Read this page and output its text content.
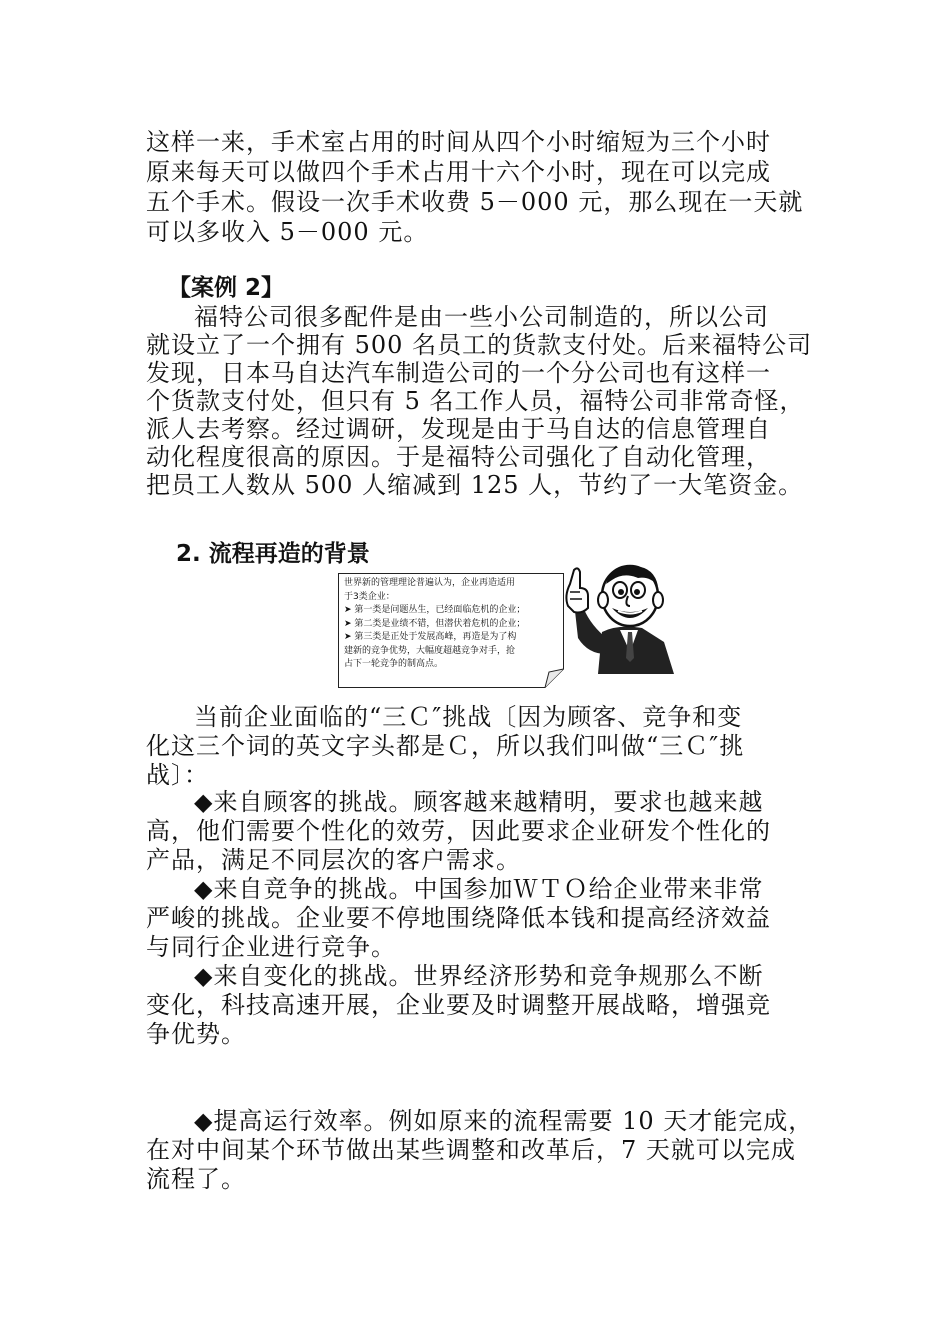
这样一来，手术室占用的时间从四个小时缩短为三个小时
原来每天可以做四个手术占用十六个小时，现在可以完成
五个手术。假设一次手术收费 5－000 元，那么现在一天就
可以多收入 5－000 元。
【案例 2】
福特公司很多配件是由一些小公司制造的，所以公司
就设立了一个拥有 500 名员工的货款支付处。后来福特公司
发现，日本马自达汽车制造公司的一个分公司也有这样一
个货款支付处，但只有 5 名工作人员，福特公司非常奇怪，
派人去考察。经过调研，发现是由于马自达的信息管理自
动化程度很高的原因。于是福特公司强化了自动化管理，
把员工人数从 500 人缩减到 125 人，节约了一大笔资金。
2. 流程再造的背景
世界新的管理理论普遍认为，企业再造适用
于3类企业：
➤ 第一类是问题丛生，已经面临危机的企业；
➤ 第二类是业绩不错，但潜伏着危机的企业；
➤ 第三类是正处于发展高峰，再造是为了构
建新的竞争优势，大幅度超越竞争对手，抢
占下一轮竞争的制高点。
当前企业面临的“三Ｃ″挑战〔因为顾客、竞争和变
化这三个词的英文字头都是Ｃ，所以我们叫做“三Ｃ″挑
战〕：
◆来自顾客的挑战。顾客越来越精明，要求也越来越
高，他们需要个性化的效劳，因此要求企业研发个性化的
产品，满足不同层次的客户需求。
◆来自竞争的挑战。中国参加ＷＴＯ给企业带来非常
严峻的挑战。企业要不停地围绕降低本钱和提高经济效益
与同行企业进行竞争。
◆来自变化的挑战。世界经济形势和竞争规那么不断
变化，科技高速开展，企业要及时调整开展战略，增强竞
争优势。
◆提高运行效率。例如原来的流程需要 10 天才能完成，
在对中间某个环节做出某些调整和改革后，7 天就可以完成
流程了。
